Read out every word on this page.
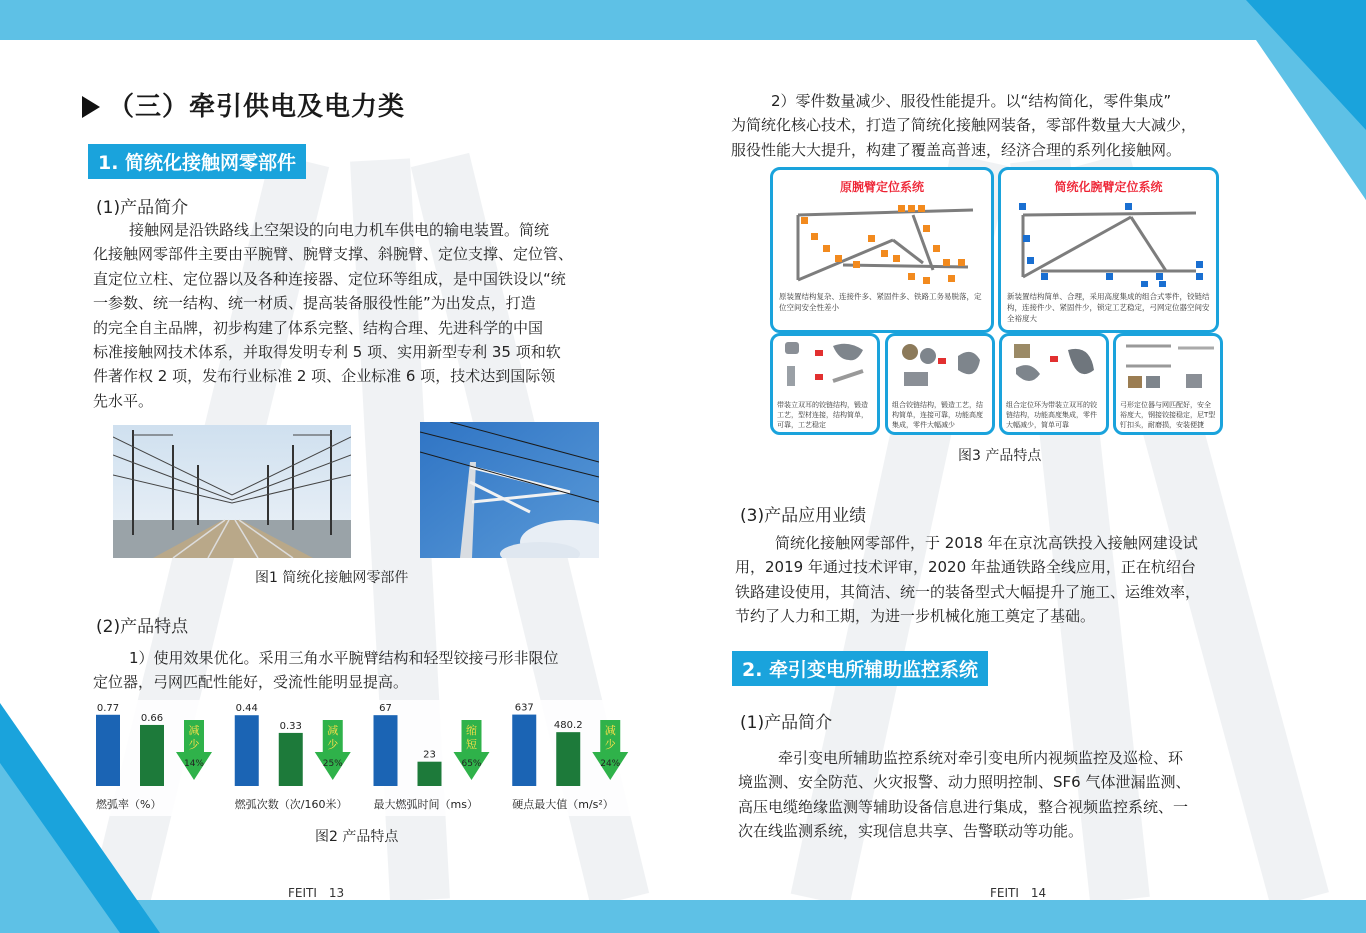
（三）牵引供电及电力类
1. 简统化接触网零部件
(1)产品简介
接触网是沿铁路线上空架设的向电力机车供电的输电装置。简统
化接触网零部件主要由平腕臂、腕臂支撑、斜腕臂、定位支撑、定位管、
直定位立柱、定位器以及各种连接器、定位环等组成，是中国铁设以“统
一参数、统一结构、统一材质、提高装备服役性能”为出发点，打造
的完全自主品牌，初步构建了体系完整、结构合理、先进科学的中国
标准接触网技术体系，并取得发明专利 5 项、实用新型专利 35 项和软
件著作权 2 项，发布行业标准 2 项、企业标准 6 项，技术达到国际领
先水平。
图1 简统化接触网零部件
(2)产品特点
1）使用效果优化。采用三角水平腕臂结构和轻型铰接弓形非限位
定位器，弓网匹配性能好，受流性能明显提高。
0.77
0.66
减
少
14%
燃弧率（%）
0.44
0.33 减
少
25%
燃弧次数（次/160米）
67
23
缩
短
65%
最大燃弧时间（ms）
637
480.2 减
少
24%
硬点最大值（m/s²）
图2 产品特点
FEITI　13
2）零件数量减少、服役性能提升。以“结构简化，零件集成”
为简统化核心技术，打造了简统化接触网装备，零部件数量大大减少，
服役性能大大提升，构建了覆盖高普速，经济合理的系列化接触网。
原腕臂定位系统
原装置结构复杂、连接件多、紧固件多、铁路工务易脱落，定位空间安全性差小
简统化腕臂定位系统
新装置结构简单、合理，采用高度集成的组合式零件，铰链结构，连接件少、紧固件少，锁定工艺稳定，弓网定位器空间安全裕度大
带装立双耳的铰链结构，锻造工艺，型材连接，结构简单，可靠，工艺稳定
组合铰链结构，锻造工艺，结构简单，连接可靠，功能高度集成，零件大幅减少
组合定位环为带装立双耳的铰链结构，功能高度集成，零件大幅减少，简单可靠
弓形定位器与网匹配好，安全裕度大，钢接铰接稳定，尼T型钉扣头，耐磨损，安装便捷
图3 产品特点
(3)产品应用业绩
简统化接触网零部件，于 2018 年在京沈高铁投入接触网建设试
用，2019 年通过技术评审，2020 年盐通铁路全线应用，正在杭绍台
铁路建设使用，其简洁、统一的装备型式大幅提升了施工、运维效率，
节约了人力和工期，为进一步机械化施工奠定了基础。
2. 牵引变电所辅助监控系统
(1)产品简介
牵引变电所辅助监控系统对牵引变电所内视频监控及巡检、环
境监测、安全防范、火灾报警、动力照明控制、SF6 气体泄漏监测、
高压电缆绝缘监测等辅助设备信息进行集成，整合视频监控系统、一
次在线监测系统，实现信息共享、告警联动等功能。
FEITI　14
